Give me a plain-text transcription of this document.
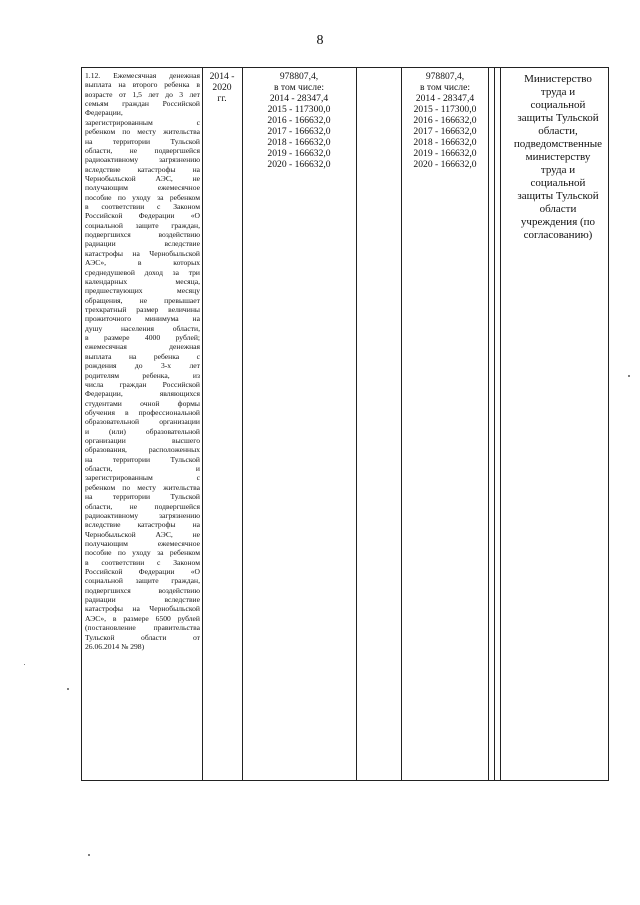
8
1.12. Ежемесячная денежная
выплата на второго ребенка в
возрасте от 1,5 лет до 3 лет
семьям граждан Российской
Федерации,
зарегистрированным с
ребенком по месту жительства
на территории Тульской
области, не подвергшейся
радиоактивному загрязнению
вследствие катастрофы на
Чернобыльской АЭС, не
получающим ежемесячное
пособие по уходу за ребенком
в соответствии с Законом
Российской Федерации «О
социальной защите граждан,
подвергшихся воздействию
радиации вследствие
катастрофы на Чернобыльской
АЭС», в которых
среднедушевой доход за три
календарных месяца,
предшествующих месяцу
обращения, не превышает
трехкратный размер величины
прожиточного минимума на
душу населения области,
в размере 4000 рублей;
ежемесячная денежная
выплата на ребенка с
рождения до 3-х лет
родителям ребенка, из
числа граждан Российской
Федерации, являющихся
студентами очной формы
обучения в профессиональной
образовательной организации
и (или) образовательной
организации высшего
образования, расположенных
на территории Тульской
области, и
зарегистрированным с
ребенком по месту жительства
на территории Тульской
области, не подвергшейся
радиоактивному загрязнению
вследствие катастрофы на
Чернобыльской АЭС, не
получающим ежемесячное
пособие по уходу за ребенком
в соответствии с Законом
Российской Федерации «О
социальной защите граждан,
подвергшихся воздействию
радиации вследствие
катастрофы на Чернобыльской
АЭС», в размере 6500 рублей
(постановление правительства
Тульской области от
26.06.2014 № 298)
2014 -
2020
гг.
978807,4,
в том числе:
2014 - 28347,4
2015 - 117300,0
2016 - 166632,0
2017 - 166632,0
2018 - 166632,0
2019 - 166632,0
2020 - 166632,0
978807,4,
в том числе:
2014 - 28347,4
2015 - 117300,0
2016 - 166632,0
2017 - 166632,0
2018 - 166632,0
2019 - 166632,0
2020 - 166632,0
Министерство
труда и
социальной
защиты Тульской
области,
подведомственные
министерству
труда и
социальной
защиты Тульской
области
учреждения (по
согласованию)
